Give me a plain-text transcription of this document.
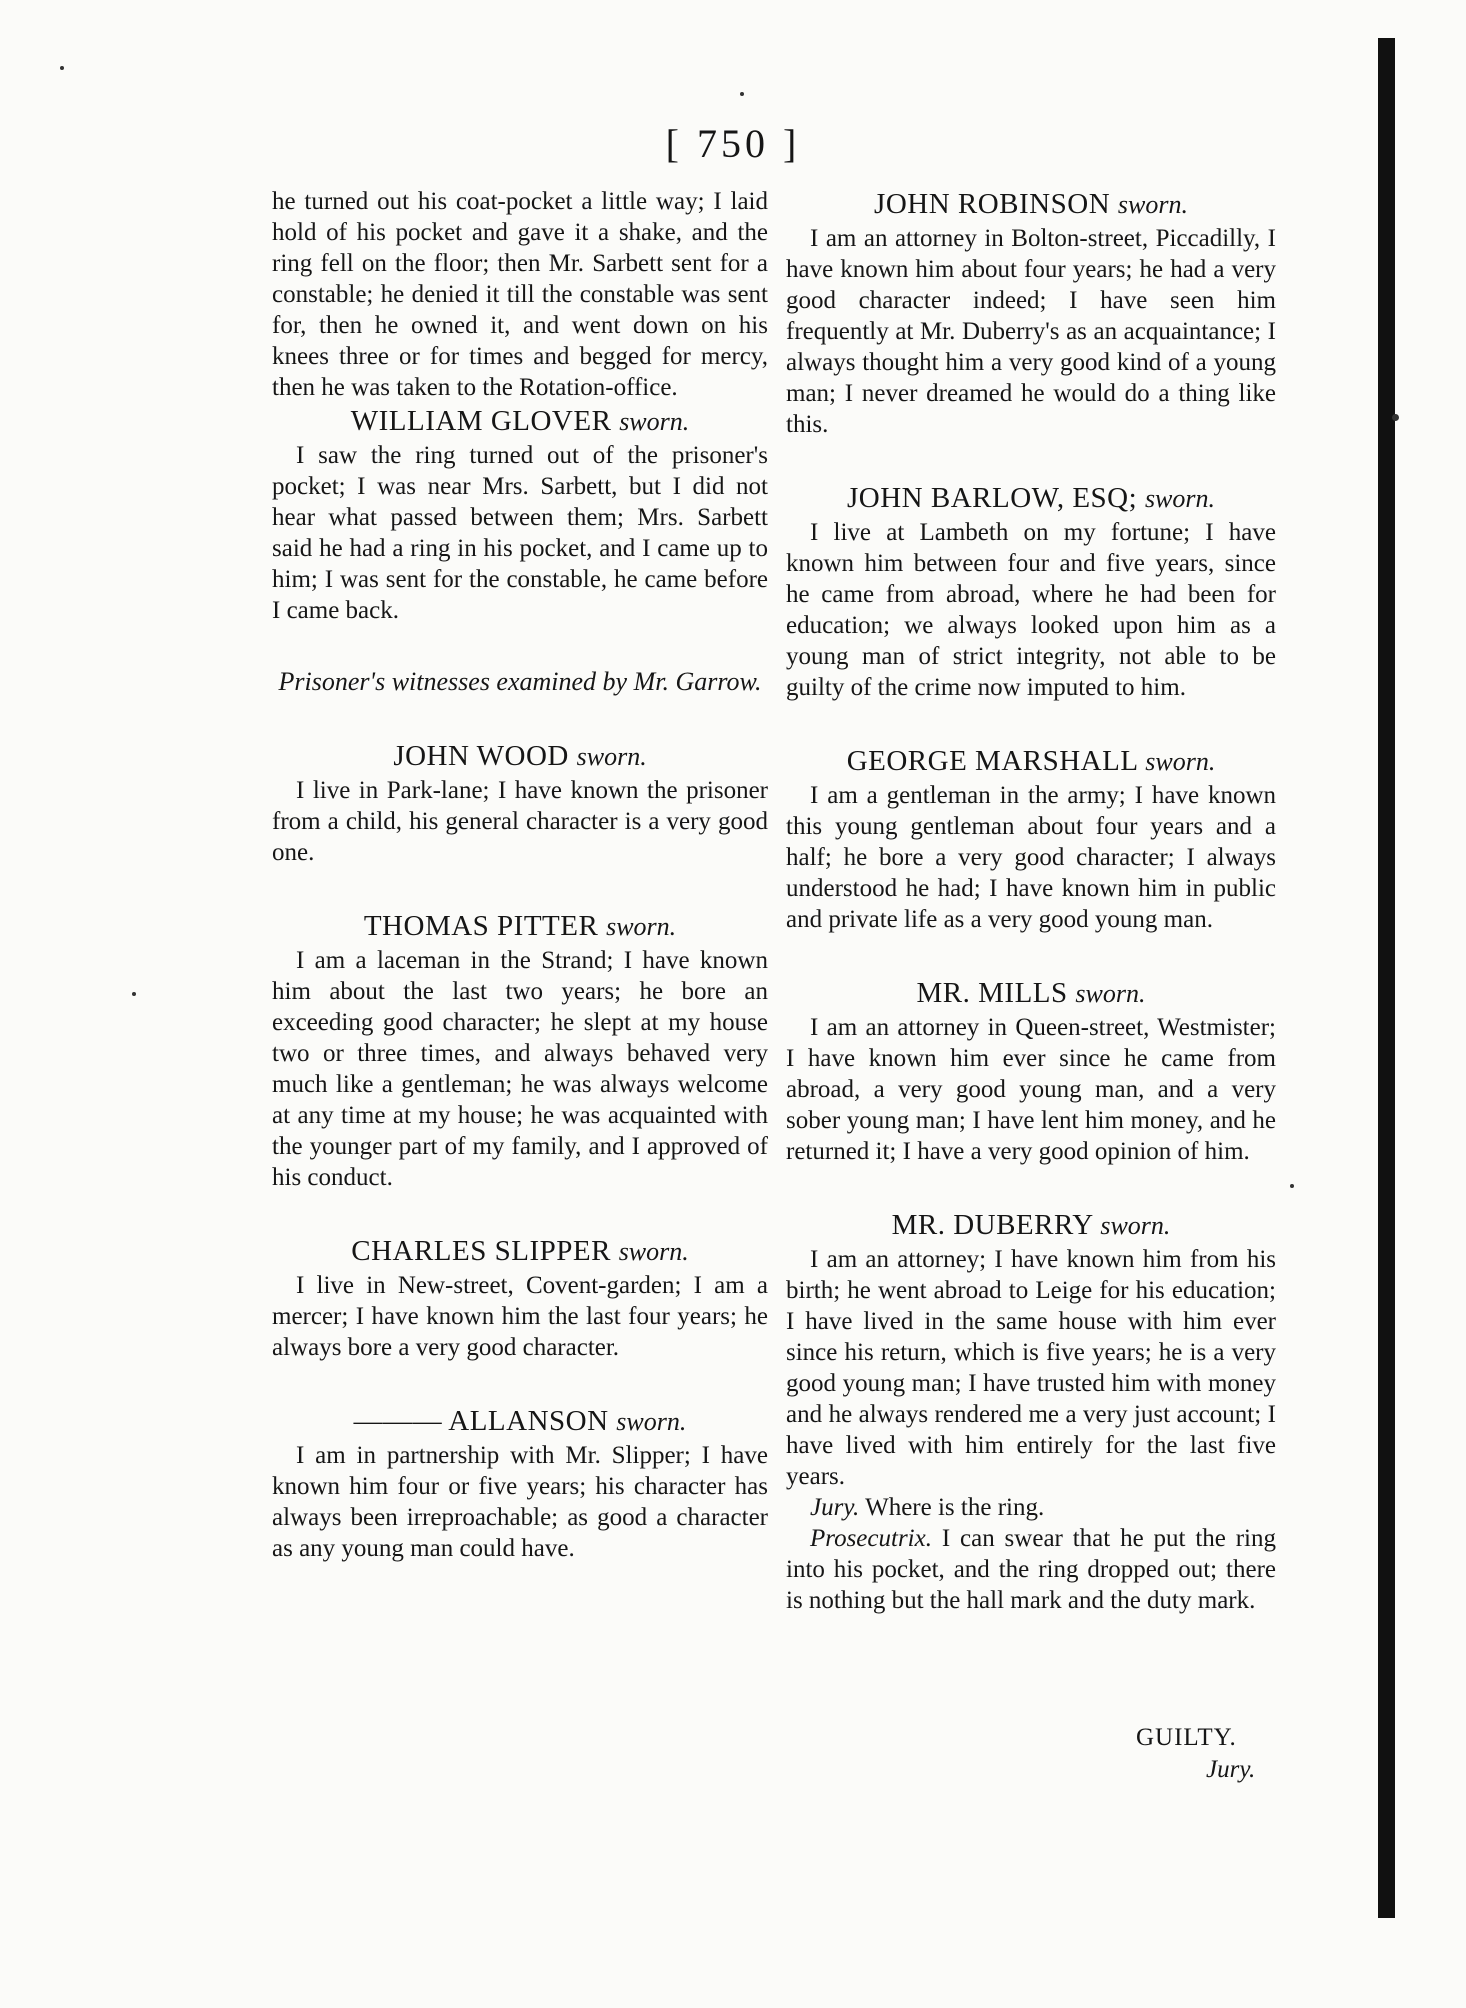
[ 750 ]

he turned out his coat-pocket a little way; I laid hold of his pocket and gave it a shake, and the ring fell on the floor; then Mr. Sarbett sent for a constable; he denied it till the constable was sent for, then he owned it, and went down on his knees three or for times and begged for mercy, then he was taken to the Rotation-office.

WILLIAM GLOVER sworn.

I saw the ring turned out of the prisoner's pocket; I was near Mrs. Sarbett, but I did not hear what passed between them; Mrs. Sarbett said he had a ring in his pocket, and I came up to him; I was sent for the constable, he came before I came back.

Prisoner's witnesses examined by Mr. Garrow.
JOHN WOOD sworn.

I live in Park-lane; I have known the prisoner from a child, his general character is a very good one.

THOMAS PITTER sworn.

I am a laceman in the Strand; I have known him about the last two years; he bore an exceeding good character; he slept at my house two or three times, and always behaved very much like a gentleman; he was always welcome at any time at my house; he was acquainted with the younger part of my family, and I approved of his conduct.

CHARLES SLIPPER sworn.

I live in New-street, Covent-garden; I am a mercer; I have known him the last four years; he always bore a very good character.

——— ALLANSON sworn.

I am in partnership with Mr. Slipper; I have known him four or five years; his character has always been irreproachable; as good a character as any young man could have.

JOHN ROBINSON sworn.

I am an attorney in Bolton-street, Piccadilly, I have known him about four years; he had a very good character indeed; I have seen him frequently at Mr. Duberry's as an acquaintance; I always thought him a very good kind of a young man; I never dreamed he would do a thing like this.

JOHN BARLOW, ESQ; sworn.

I live at Lambeth on my fortune; I have known him between four and five years, since he came from abroad, where he had been for education; we always looked upon him as a young man of strict integrity, not able to be guilty of the crime now imputed to him.

GEORGE MARSHALL sworn.

I am a gentleman in the army; I have known this young gentleman about four years and a half; he bore a very good character; I always understood he had; I have known him in public and private life as a very good young man.

MR. MILLS sworn.

I am an attorney in Queen-street, Westmister; I have known him ever since he came from abroad, a very good young man, and a very sober young man; I have lent him money, and he returned it; I have a very good opinion of him.

MR. DUBERRY sworn.

I am an attorney; I have known him from his birth; he went abroad to Leige for his education; I have lived in the same house with him ever since his return, which is five years; he is a very good young man; I have trusted him with money and he always rendered me a very just account; I have lived with him entirely for the last five years.

Jury. Where is the ring.

Prosecutrix. I can swear that he put the ring into his pocket, and the ring dropped out; there is nothing but the hall mark and the duty mark.

GUILTY.
Jury.
